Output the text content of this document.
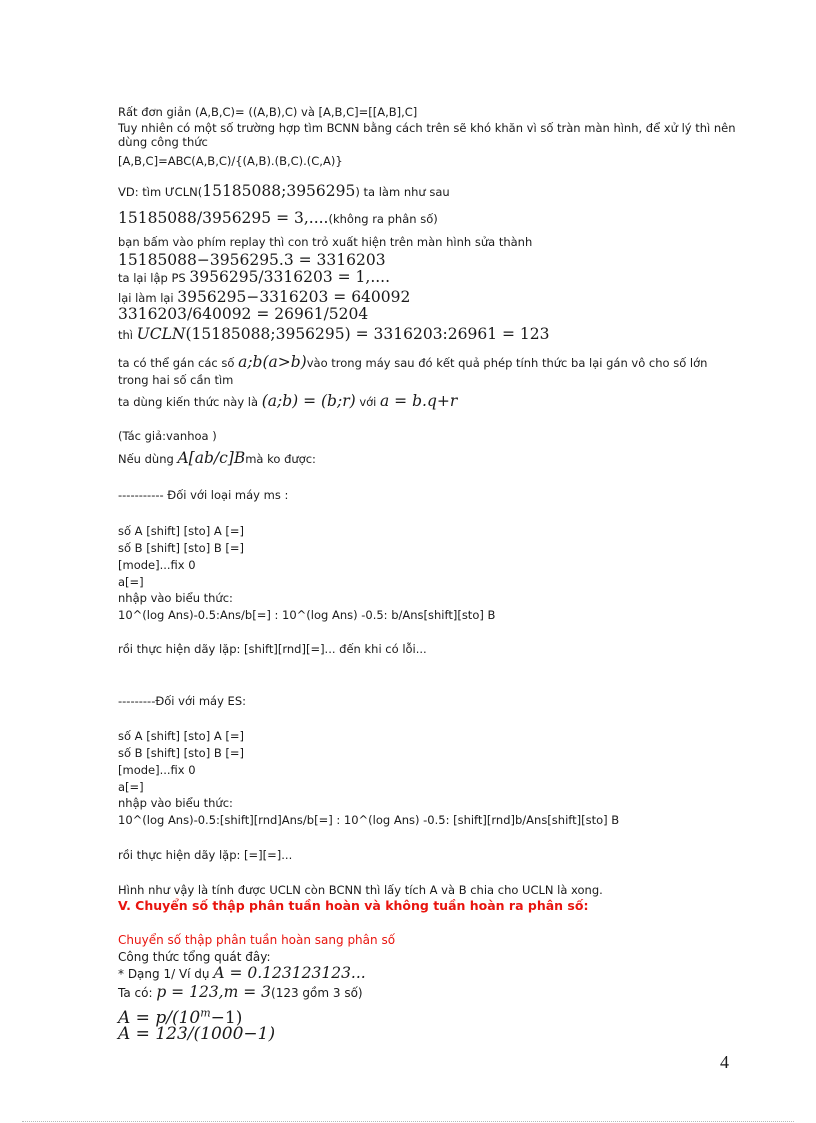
Rất đơn giản (A,B,C)= ((A,B),C) và [A,B,C]=[[A,B],C]
Tuy nhiên có một số trường hợp tìm BCNN bằng cách trên sẽ khó khăn vì số tràn màn hình, để xử lý thì nên dùng công thức
[A,B,C]=ABC(A,B,C)/{(A,B).(B,C).(C,A)}
VD: tìm ƯCLN(15185088;3956295) ta làm như sau
15185088/3956295 = 3,....(không ra phân số)
bạn bấm vào phím replay thì con trỏ xuất hiện trên màn hình sửa thành
15185088−3956295.3 = 3316203
ta lại lập PS 3956295/3316203 = 1,....
lại làm lại 3956295−3316203 = 640092
3316203/640092 = 26961/5204
thì UCLN(15185088;3956295) = 3316203:26961 = 123
ta có thể gán các số a;b(a>b)vào trong máy sau đó kết quả phép tính thức ba lại gán vô cho số lớn trong hai số cần tìm
ta dùng kiến thức này là (a;b) = (b;r) với a = b.q+r
(Tác giả:vanhoa )
Nếu dùng A[ab/c]Bmà ko được:
----------- Đối với loại máy ms :
số A [shift] [sto] A [=]
số B [shift] [sto] B [=]
[mode]...fix 0
a[=]
nhập vào biểu thức:
10^(log Ans)-0.5:Ans/b[=] : 10^(log Ans) -0.5: b/Ans[shift][sto] B
rồi thực hiện dãy lặp: [shift][rnd][=]... đến khi có lỗi...
---------Đối với máy ES:
số A [shift] [sto] A [=]
số B [shift] [sto] B [=]
[mode]...fix 0
a[=]
nhập vào biểu thức:
10^(log Ans)-0.5:[shift][rnd]Ans/b[=] : 10^(log Ans) -0.5: [shift][rnd]b/Ans[shift][sto] B
rồi thực hiện dãy lặp: [=][=]...
Hình như vậy là tính được UCLN còn BCNN thì lấy tích A và B chia cho UCLN là xong.
V. Chuyển số thập phân tuần hoàn và không tuần hoàn ra phân số:
Chuyển số thập phân tuần hoàn sang phân số
Công thức tổng quát đây:
* Dạng 1/ Ví dụ A = 0.123123123...
Ta có: p = 123,m = 3(123 gồm 3 số)
$A = p/(10^m-1)$
A = 123/(1000−1)
4
